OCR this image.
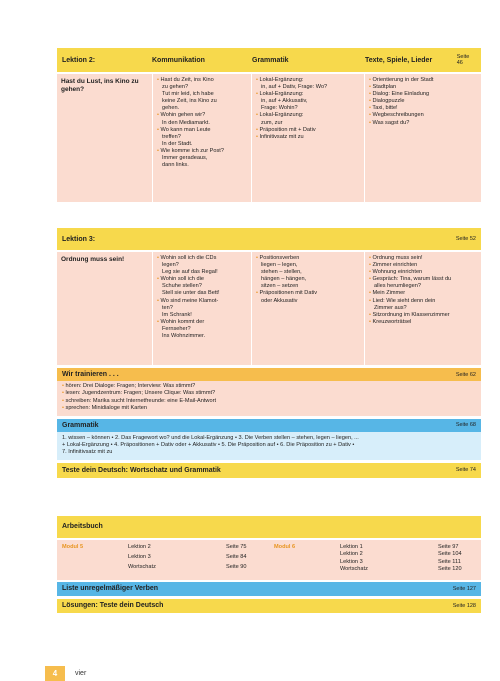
Lektion 2:	Kommunikation	Grammatik	Texte, Spiele, Lieder	Seite 46
Hast du Lust, ins Kino zu gehen?
• Hast du Zeit, ins Kino
zu gehen?
Tut mir leid, ich habe
keine Zeit, ins Kino zu
gehen.
• Wohin gehen wir?
In den Mediamarkt.
• Wo kann man Leute
treffen?
In der Stadt.
• Wie komme ich zur Post?
Immer geradeaus,
dann links.
• Lokal-Ergänzung:
in, auf + Dativ, Frage: Wo?
• Lokal-Ergänzung:
in, auf + Akkusativ,
Frage: Wohin?
• Lokal-Ergänzung:
zum, zur
• Präposition mit + Dativ
• Infinitivsatz mit zu
• Orientierung in der Stadt
• Stadtplan
• Dialog: Eine Einladung
• Dialogpuzzle
• Taxi, bitte!
• Wegbeschreibungen
• Was sagst du?
Lektion 3:	Seite 52
Ordnung muss sein!
•	Wohin soll ich die CDs
legen?
Leg sie auf das Regal!
• Wohin soll ich die
Schuhe stellen?
Stell sie unter das Bett!
• Wo sind meine Klamot-
ten?
Im Schrank!
• Wohin kommt der
Fernseher?
Ins Wohnzimmer.
• Positionsverben
liegen – legen,
stehen – stellen,
hängen – hängen,
sitzen – setzen
• Präpositionen mit Dativ
oder Akkusativ
• Ordnung muss sein!
• Zimmer einrichten
• Wohnung einrichten
• Gespräch: Tina, warum lässt du
alles herumliegen?
• Mein Zimmer
• Lied: Wie sieht denn dein
Zimmer aus?
• Sitzordnung im Klassenzimmer
• Kreuzworträtsel
Wir trainieren . . .	Seite 62
• hören: Drei Dialoge: Fragen; Interview: Was stimmt?
• lesen: Jugendzentrum: Fragen; Unsere Clique: Was stimmt?
• schreiben: Marika sucht Internetfreunde: eine E-Mail-Antwort
• sprechen: Minidialoge mit Karten
Grammatik	Seite 68
1. wissen – können • 2. Das Fragewort wo? und die Lokal-Ergänzung • 3. Die Verben stellen – stehen, legen – liegen, ...
+ Lokal-Ergänzung • 4. Präpositionen + Dativ oder + Akkusativ • 5. Die Präposition auf • 6. Die Präposition zu + Dativ •
7. Infinitivsatz mit zu
Teste dein Deutsch: Wortschatz und Grammatik	Seite 74
Arbeitsbuch
Modul 5	Lektion 2	Seite 75
Lektion 3	Seite 84
Wortschatz	Seite 90
Modul 6	Lektion 1	Seite 97
Lektion 2	Seite 104
Lektion 3	Seite 111
Wortschatz	Seite 120
Liste unregelmäßiger Verben	Seite 127
Lösungen: Teste dein Deutsch	Seite 128
4	vier
